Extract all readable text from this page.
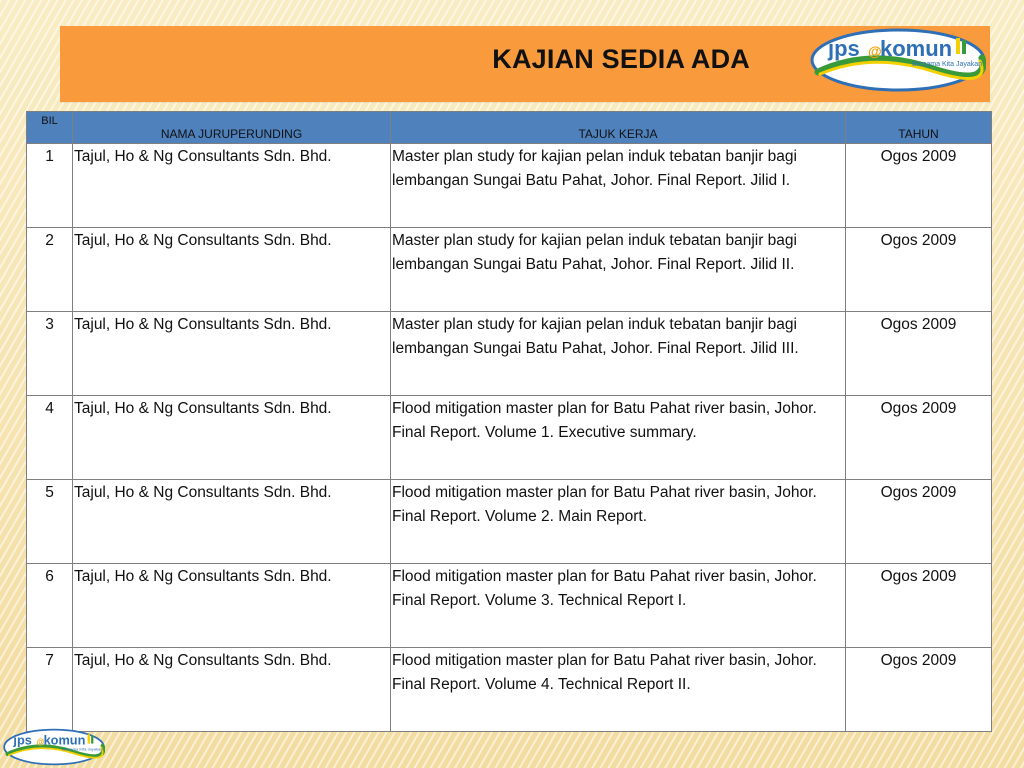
KAJIAN SEDIA ADA	jps @
komun
Bersama Kita Jayakan
BIL	NAMA JURUPERUNDING	TAJUK KERJA	TAHUN
1	Tajul, Ho & Ng Consultants Sdn. Bhd.	Master plan study for kajian pelan induk tebatan banjir bagi lembangan Sungai Batu Pahat, Johor. Final Report. Jilid I.	Ogos 2009
2	Tajul, Ho & Ng Consultants Sdn. Bhd.	Master plan study for kajian pelan induk tebatan banjir bagi lembangan Sungai Batu Pahat, Johor. Final Report. Jilid II.	Ogos 2009
3	Tajul, Ho & Ng Consultants Sdn. Bhd.	Master plan study for kajian pelan induk tebatan banjir bagi lembangan Sungai Batu Pahat, Johor. Final Report. Jilid III.	Ogos 2009
4	Tajul, Ho & Ng Consultants Sdn. Bhd.	Flood mitigation master plan for Batu Pahat river basin, Johor. Final Report. Volume 1. Executive summary.	Ogos 2009
5	Tajul, Ho & Ng Consultants Sdn. Bhd.	Flood mitigation master plan for Batu Pahat river basin, Johor. Final Report. Volume 2. Main Report.	Ogos 2009
6	Tajul, Ho & Ng Consultants Sdn. Bhd.	Flood mitigation master plan for Batu Pahat river basin, Johor. Final Report. Volume 3. Technical Report I.	Ogos 2009
7	Tajul, Ho & Ng Consultants Sdn. Bhd.	Flood mitigation master plan for Batu Pahat river basin, Johor. Final Report. Volume 4. Technical Report II.	Ogos 2009
jps @ komun
Bersama Kita Jayakan
